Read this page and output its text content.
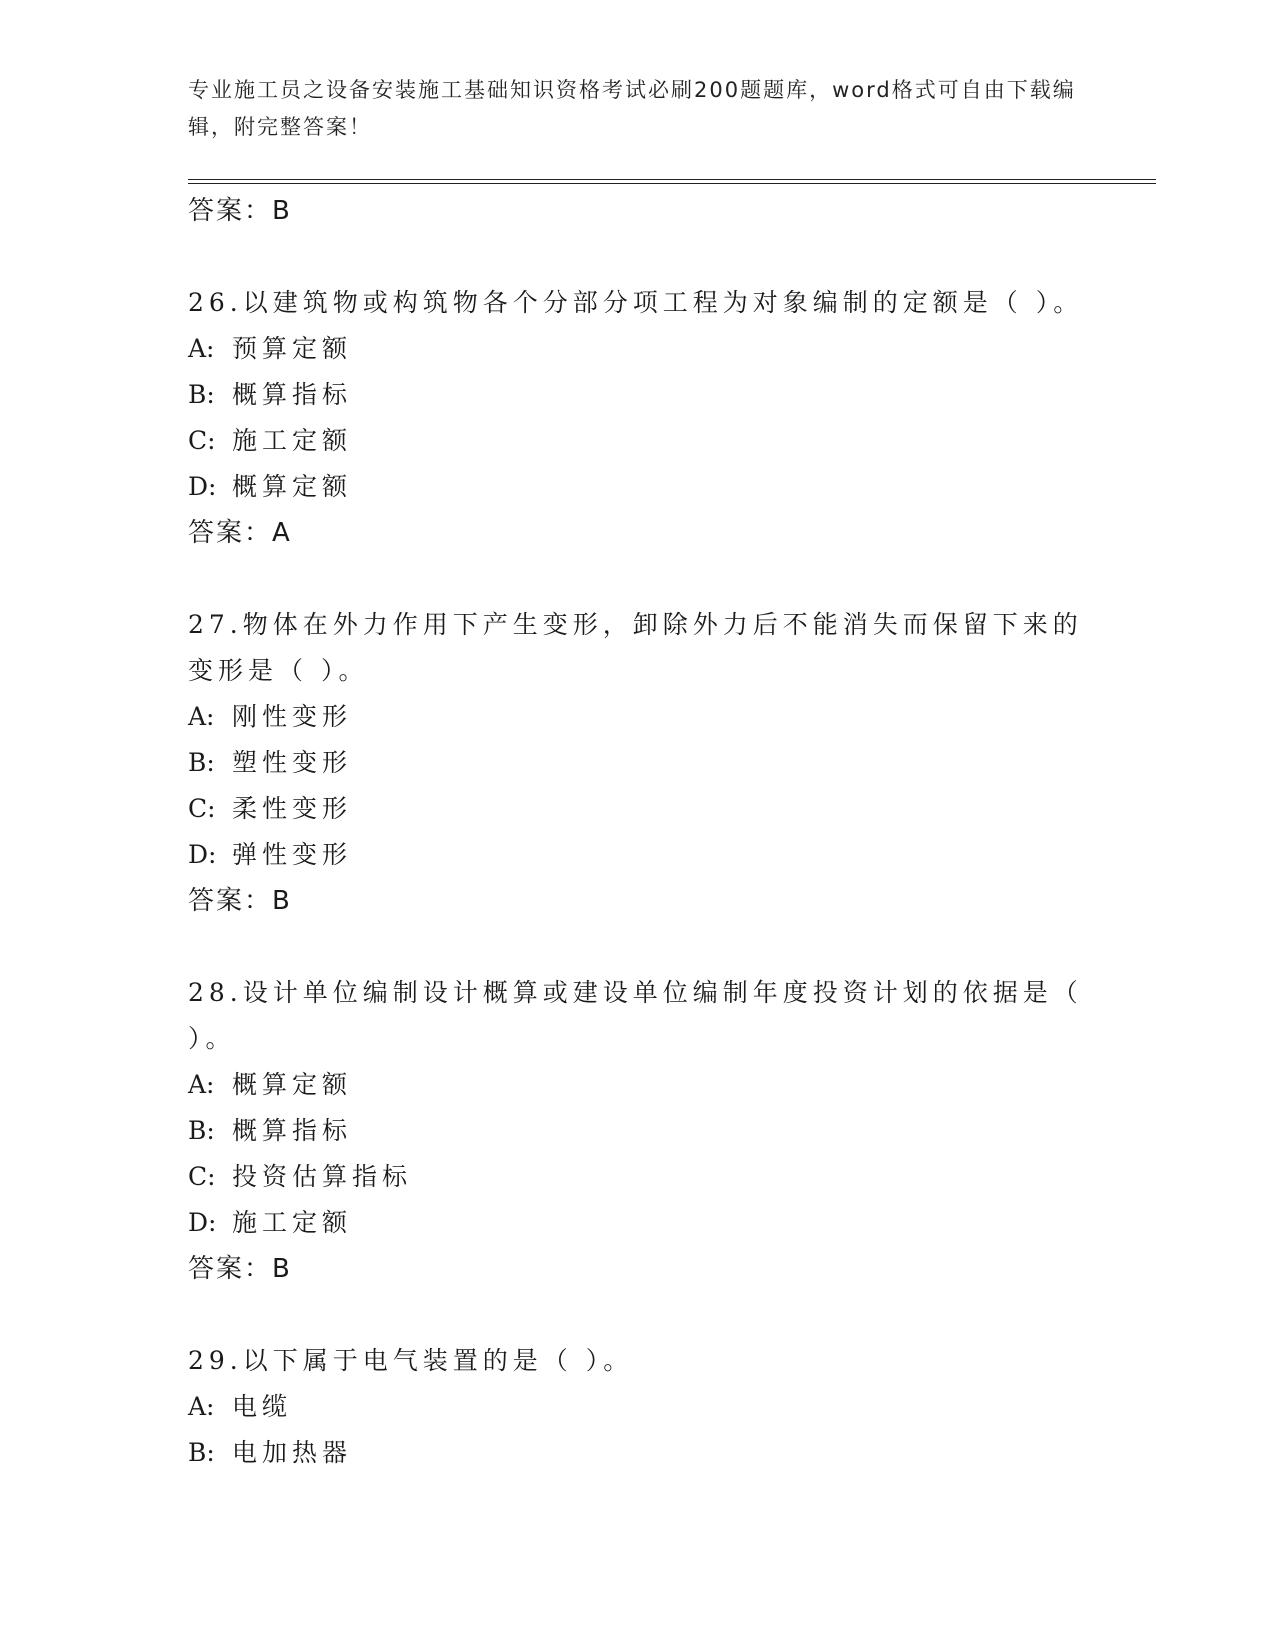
专业施工员之设备安装施工基础知识资格考试必刷200题题库，word格式可自由下载编辑，附完整答案！
答案：B
26.以建筑物或构筑物各个分部分项工程为对象编制的定额是（ ）。
A: 预算定额
B: 概算指标
C: 施工定额
D: 概算定额
答案：A
27.物体在外力作用下产生变形，卸除外力后不能消失而保留下来的变形是（ ）。
A: 刚性变形
B: 塑性变形
C: 柔性变形
D: 弹性变形
答案：B
28.设计单位编制设计概算或建设单位编制年度投资计划的依据是（ ）。
A: 概算定额
B: 概算指标
C: 投资估算指标
D: 施工定额
答案：B
29.以下属于电气装置的是（ ）。
A: 电缆
B: 电加热器
